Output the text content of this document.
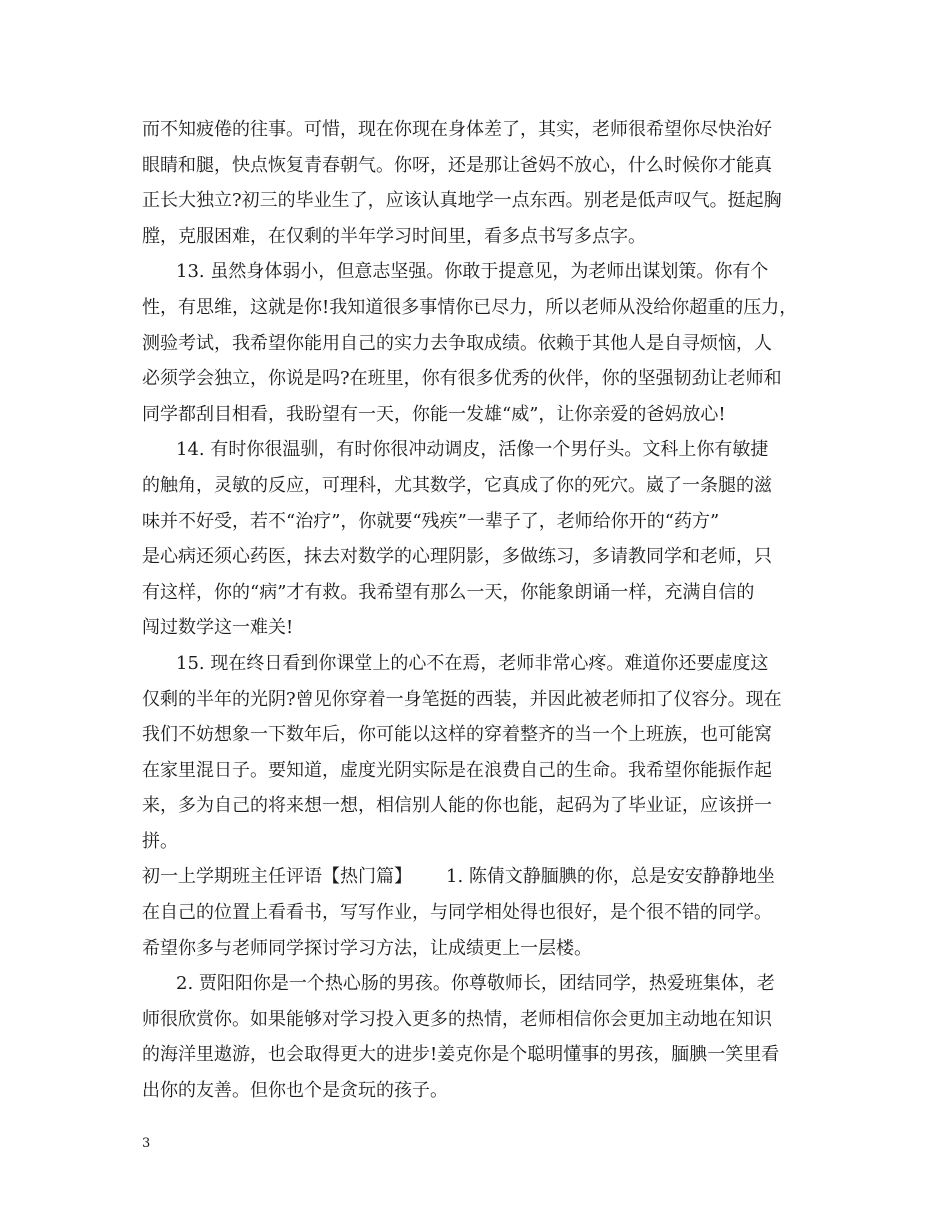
而不知疲倦的往事。可惜，现在你现在身体差了，其实，老师很希望你尽快治好
眼睛和腿，快点恢复青春朝气。你呀，还是那让爸妈不放心，什么时候你才能真
正长大独立?初三的毕业生了，应该认真地学一点东西。别老是低声叹气。挺起胸
膛，克服困难，在仅剩的半年学习时间里，看多点书写多点字。
13. 虽然身体弱小，但意志坚强。你敢于提意见，为老师出谋划策。你有个
性，有思维，这就是你!我知道很多事情你已尽力，所以老师从没给你超重的压力，
测验考试，我希望你能用自己的实力去争取成绩。依赖于其他人是自寻烦恼，人
必须学会独立，你说是吗?在班里，你有很多优秀的伙伴，你的坚强韧劲让老师和
同学都刮目相看，我盼望有一天，你能一发雄“威”，让你亲爱的爸妈放心!
14. 有时你很温驯，有时你很冲动调皮，活像一个男仔头。文科上你有敏捷
的触角，灵敏的反应，可理科，尤其数学，它真成了你的死穴。崴了一条腿的滋
味并不好受，若不“治疗”，你就要“残疾”一辈子了，老师给你开的“药方”
是心病还须心药医，抹去对数学的心理阴影，多做练习，多请教同学和老师，只
有这样，你的“病”才有救。我希望有那么一天，你能象朗诵一样，充满自信的
闯过数学这一难关!
15. 现在终日看到你课堂上的心不在焉，老师非常心疼。难道你还要虚度这
仅剩的半年的光阴?曾见你穿着一身笔挺的西装，并因此被老师扣了仪容分。现在
我们不妨想象一下数年后，你可能以这样的穿着整齐的当一个上班族，也可能窝
在家里混日子。要知道，虚度光阴实际是在浪费自己的生命。我希望你能振作起
来，多为自己的将来想一想，相信别人能的你也能，起码为了毕业证，应该拼一
拼。
初一上学期班主任评语【热门篇】 1. 陈倩文静腼腆的你，总是安安静静地坐
在自己的位置上看看书，写写作业，与同学相处得也很好，是个很不错的同学。
希望你多与老师同学探讨学习方法，让成绩更上一层楼。
2. 贾阳阳你是一个热心肠的男孩。你尊敬师长，团结同学，热爱班集体，老
师很欣赏你。如果能够对学习投入更多的热情，老师相信你会更加主动地在知识
的海洋里遨游，也会取得更大的进步!姜克你是个聪明懂事的男孩，腼腆一笑里看
出你的友善。但你也个是贪玩的孩子。
3
